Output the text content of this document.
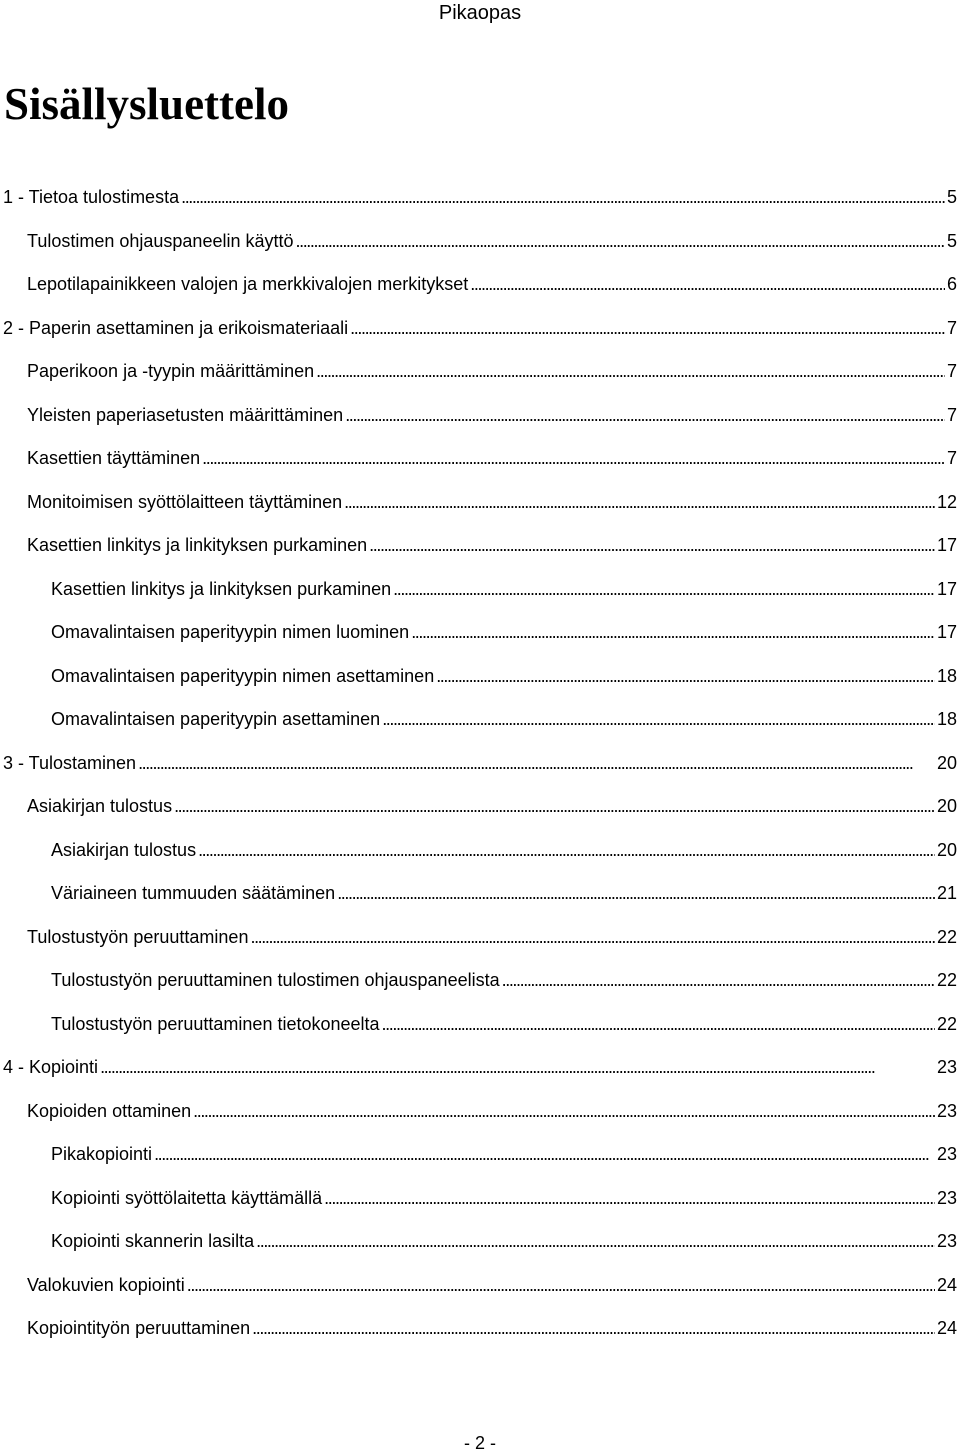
Pikaopas
Sisällysluettelo
1 - Tietoa tulostimesta . . .	5
Tulostimen ohjauspaneelin käyttö . . .	5
Lepotilapainikkeen valojen ja merkkivalojen merkitykset . . .	6
2 - Paperin asettaminen ja erikoismateriaali . . .	7
Paperikoon ja -tyypin määrittäminen . . .	7
Yleisten paperiasetusten määrittäminen . . .	7
Kasettien täyttäminen . . .	7
Monitoimisen syöttölaitteen täyttäminen . . .	12
Kasettien linkitys ja linkityksen purkaminen . . .	17
Kasettien linkitys ja linkityksen purkaminen . . .	17
Omavalintaisen paperityypin nimen luominen . . .	17
Omavalintaisen paperityypin nimen asettaminen . . .	18
Omavalintaisen paperityypin asettaminen . . .	18
3 - Tulostaminen . . .	20
Asiakirjan tulostus . . .	20
Asiakirjan tulostus . . .	20
Väriaineen tummuuden säätäminen . . .	21
Tulostustyön peruuttaminen . . .	22
Tulostustyön peruuttaminen tulostimen ohjauspaneelista . . .	22
Tulostustyön peruuttaminen tietokoneelta . . .	22
4 - Kopiointi . . .	23
Kopioiden ottaminen . . .	23
Pikakopiointi . . .	23
Kopiointi syöttölaitetta käyttämällä . . .	23
Kopiointi skannerin lasilta . . .	23
Valokuvien kopiointi . . .	24
Kopiointityön peruuttaminen . . .	24
- 2 -
